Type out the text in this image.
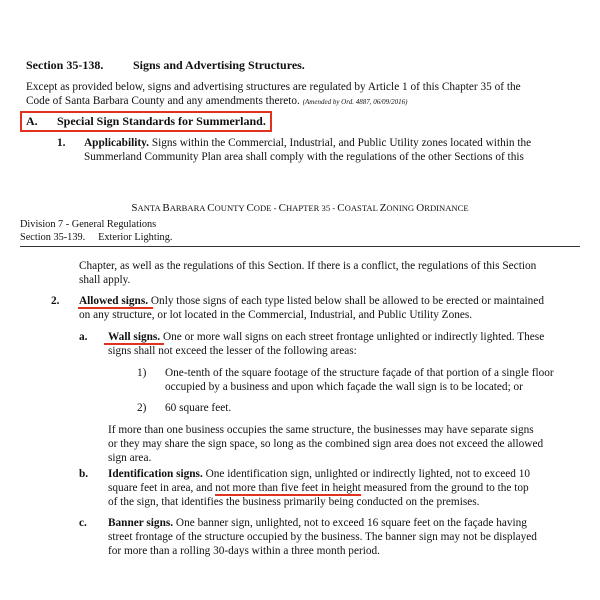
Section 35-138. Signs and Advertising Structures.
Except as provided below, signs and advertising structures are regulated by Article 1 of this Chapter 35 of the
Code of Santa Barbara County and any amendments thereto. (Amended by Ord. 4887, 06/09/2016)
A. Special Sign Standards for Summerland.
1. Applicability. Signs within the Commercial, Industrial, and Public Utility zones located within the
Summerland Community Plan area shall comply with the regulations of the other Sections of this
SANTA BARBARA COUNTY CODE - CHAPTER 35 - COASTAL ZONING ORDINANCE
Division 7 - General Regulations
Section 35-139.     Exterior Lighting.
Chapter, as well as the regulations of this Section. If there is a conflict, the regulations of this Section
shall apply.
2. Allowed signs. Only those signs of each type listed below shall be allowed to be erected or maintained
on any structure, or lot located in the Commercial, Industrial, and Public Utility Zones.
a. Wall signs. One or more wall signs on each street frontage unlighted or indirectly lighted. These
signs shall not exceed the lesser of the following areas:
1) One-tenth of the square footage of the structure façade of that portion of a single floor
occupied by a business and upon which façade the wall sign is to be located; or
2) 60 square feet.
If more than one business occupies the same structure, the businesses may have separate signs
or they may share the sign space, so long as the combined sign area does not exceed the allowed
sign area.
b. Identification signs. One identification sign, unlighted or indirectly lighted, not to exceed 10
square feet in area, and not more than five feet in height measured from the ground to the top
of the sign, that identifies the business primarily being conducted on the premises.
c. Banner signs. One banner sign, unlighted, not to exceed 16 square feet on the façade having
street frontage of the structure occupied by the business. The banner sign may not be displayed
for more than a rolling 30-days within a three month period.
